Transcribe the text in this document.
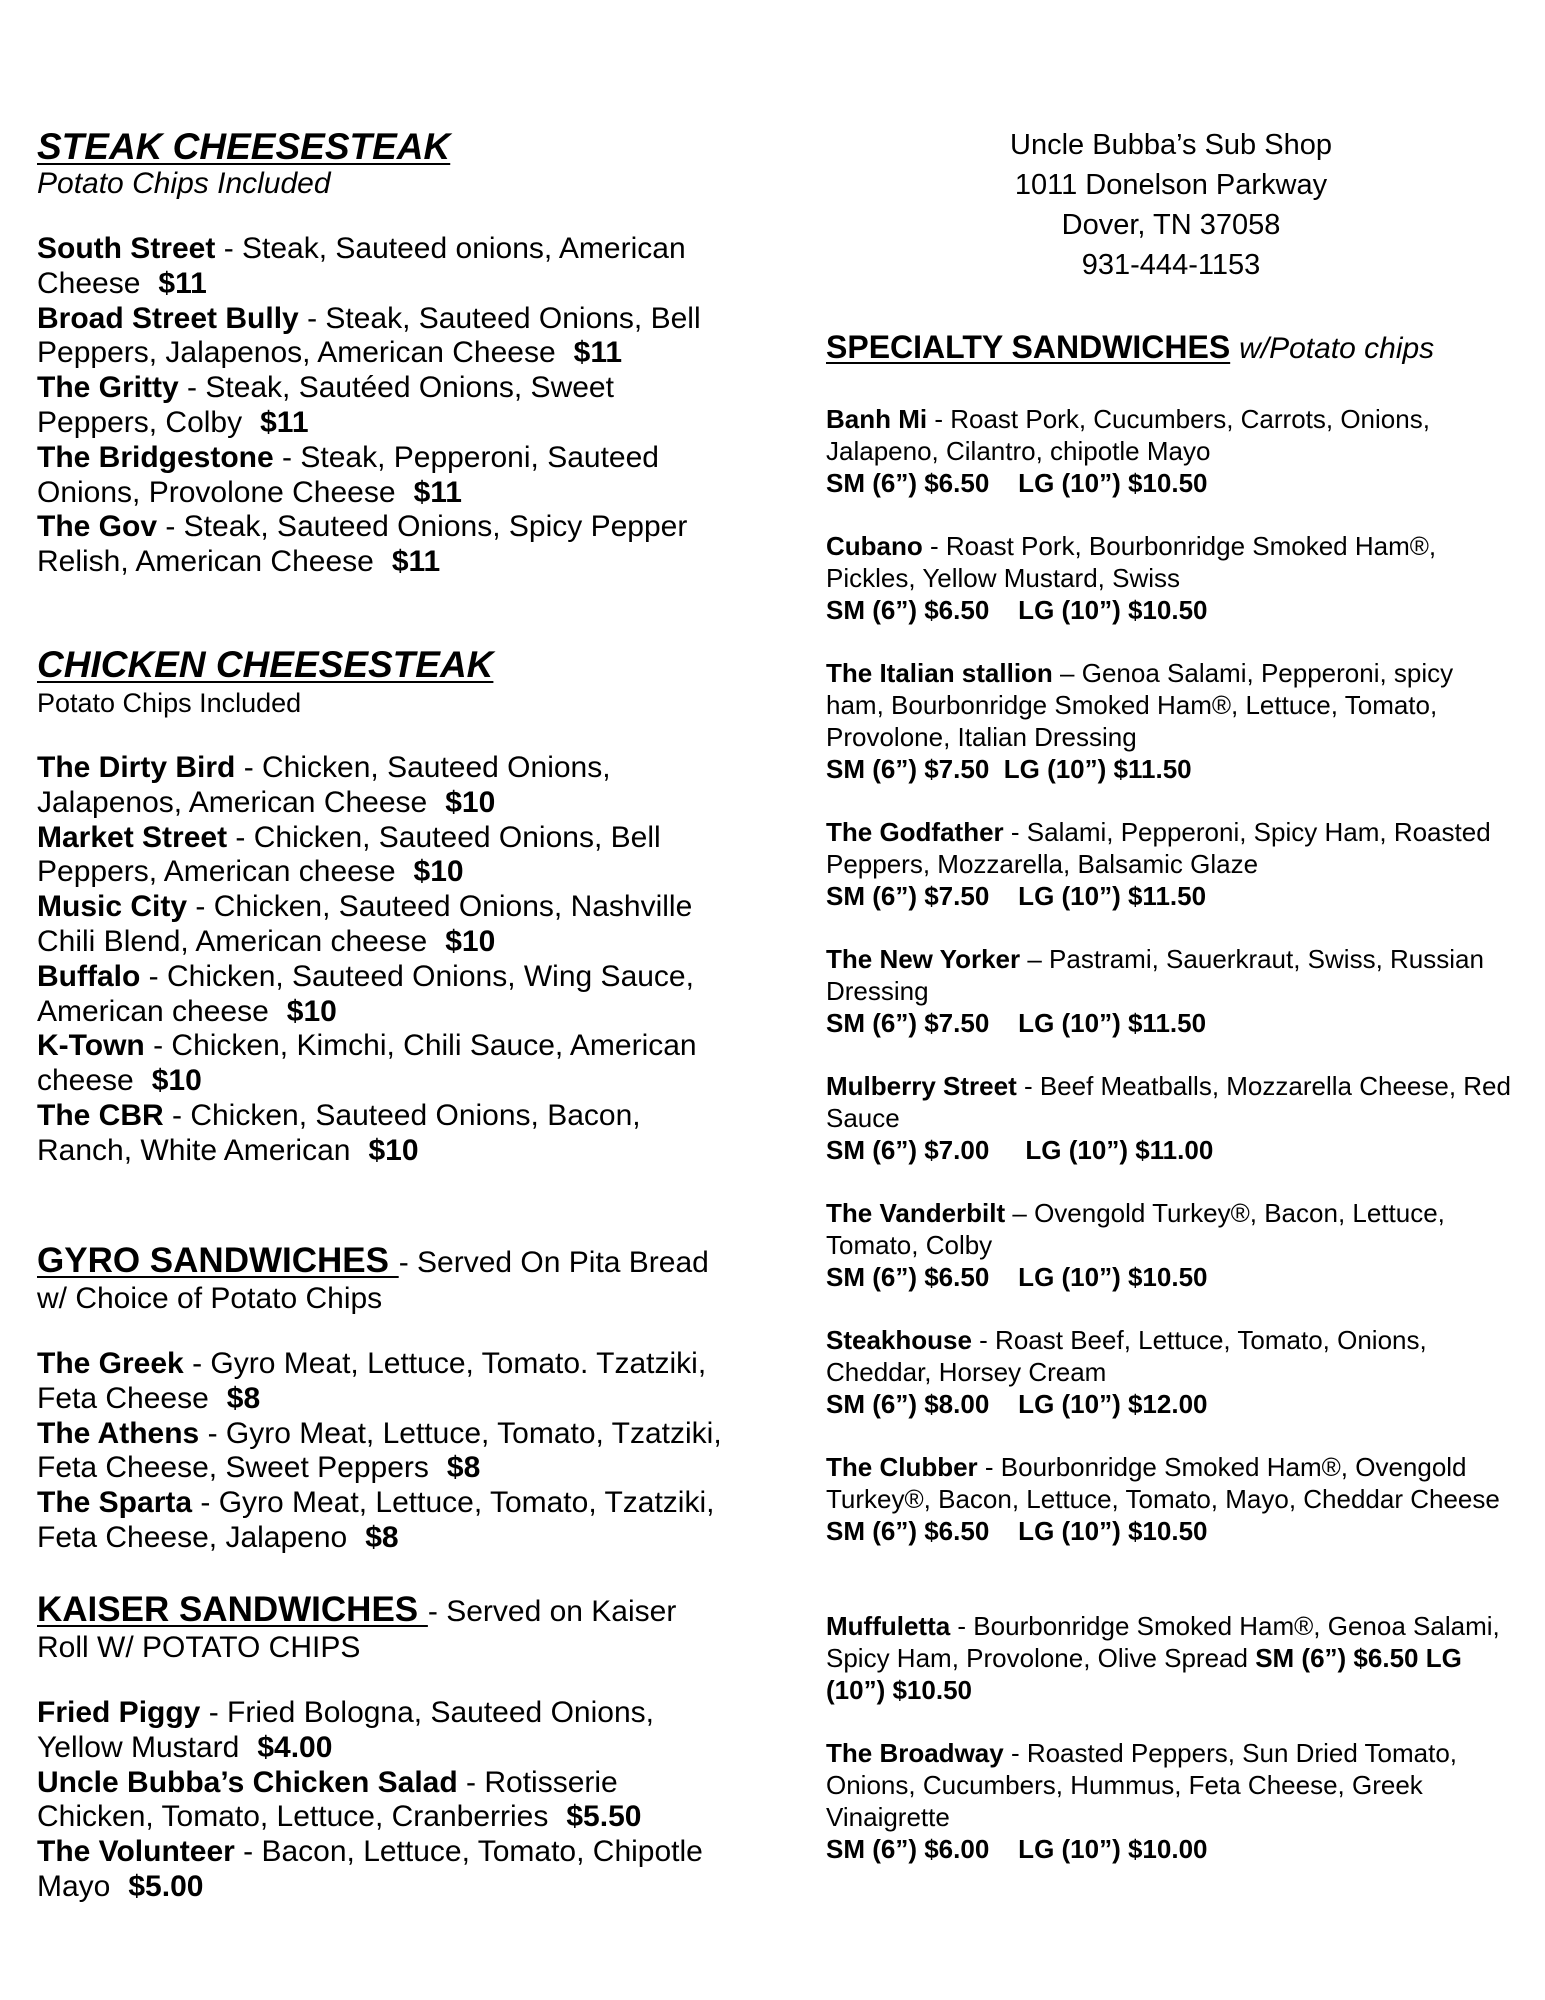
STEAK CHEESESTEAK

Potato Chips Included

South Street - Steak, Sauteed onions, American Cheese $11

Broad Street Bully - Steak, Sauteed Onions, Bell Peppers, Jalapenos, American Cheese $11

The Gritty - Steak, Sautéed Onions, Sweet Peppers, Colby $11

The Bridgestone - Steak, Pepperoni, Sauteed Onions, Provolone Cheese $11

The Gov - Steak, Sauteed Onions, Spicy Pepper Relish, American Cheese $11

CHICKEN CHEESESTEAK

Potato Chips Included

The Dirty Bird - Chicken, Sauteed Onions, Jalapenos, American Cheese $10

Market Street - Chicken, Sauteed Onions, Bell Peppers, American cheese $10

Music City - Chicken, Sauteed Onions, Nashville Chili Blend, American cheese $10

Buffalo - Chicken, Sauteed Onions, Wing Sauce, American cheese $10

K-Town - Chicken, Kimchi, Chili Sauce, American cheese $10

The CBR - Chicken, Sauteed Onions, Bacon, Ranch, White American $10

GYRO SANDWICHES - Served On Pita Bread w/ Choice of Potato Chips

The Greek - Gyro Meat, Lettuce, Tomato. Tzatziki, Feta Cheese $8

The Athens - Gyro Meat, Lettuce, Tomato, Tzatziki, Feta Cheese, Sweet Peppers $8

The Sparta - Gyro Meat, Lettuce, Tomato, Tzatziki, Feta Cheese, Jalapeno $8

KAISER SANDWICHES - Served on Kaiser Roll W/ POTATO CHIPS

Fried Piggy - Fried Bologna, Sauteed Onions, Yellow Mustard $4.00

Uncle Bubba’s Chicken Salad - Rotisserie Chicken, Tomato, Lettuce, Cranberries $5.50

The Volunteer - Bacon, Lettuce, Tomato, Chipotle Mayo $5.00

Uncle Bubba’s Sub Shop

1011 Donelson Parkway

Dover, TN 37058

931-444-1153

SPECIALTY SANDWICHES w/Potato chips

Banh Mi - Roast Pork, Cucumbers, Carrots, Onions, Jalapeno, Cilantro, chipotle Mayo

SM (6”) $6.50    LG (10”) $10.50

Cubano - Roast Pork, Bourbonridge Smoked Ham®, Pickles, Yellow Mustard, Swiss

SM (6”) $6.50    LG (10”) $10.50

The Italian stallion – Genoa Salami, Pepperoni, spicy ham, Bourbonridge Smoked Ham®, Lettuce, Tomato, Provolone, Italian Dressing

SM (6”) $7.50  LG (10”) $11.50

The Godfather - Salami, Pepperoni, Spicy Ham, Roasted Peppers, Mozzarella, Balsamic Glaze

SM (6”) $7.50    LG (10”) $11.50

The New Yorker – Pastrami, Sauerkraut, Swiss, Russian Dressing

SM (6”) $7.50    LG (10”) $11.50

Mulberry Street - Beef Meatballs, Mozzarella Cheese, Red Sauce

SM (6”) $7.00     LG (10”) $11.00

The Vanderbilt – Ovengold Turkey®, Bacon, Lettuce, Tomato, Colby

SM (6”) $6.50    LG (10”) $10.50

Steakhouse - Roast Beef, Lettuce, Tomato, Onions, Cheddar, Horsey Cream

SM (6”) $8.00    LG (10”) $12.00

The Clubber - Bourbonridge Smoked Ham®, Ovengold Turkey®, Bacon, Lettuce, Tomato, Mayo, Cheddar Cheese

SM (6”) $6.50    LG (10”) $10.50

Muffuletta - Bourbonridge Smoked Ham®, Genoa Salami, Spicy Ham, Provolone, Olive Spread SM (6”) $6.50 LG (10”) $10.50

The Broadway - Roasted Peppers, Sun Dried Tomato, Onions, Cucumbers, Hummus, Feta Cheese, Greek Vinaigrette

SM (6”) $6.00    LG (10”) $10.00
